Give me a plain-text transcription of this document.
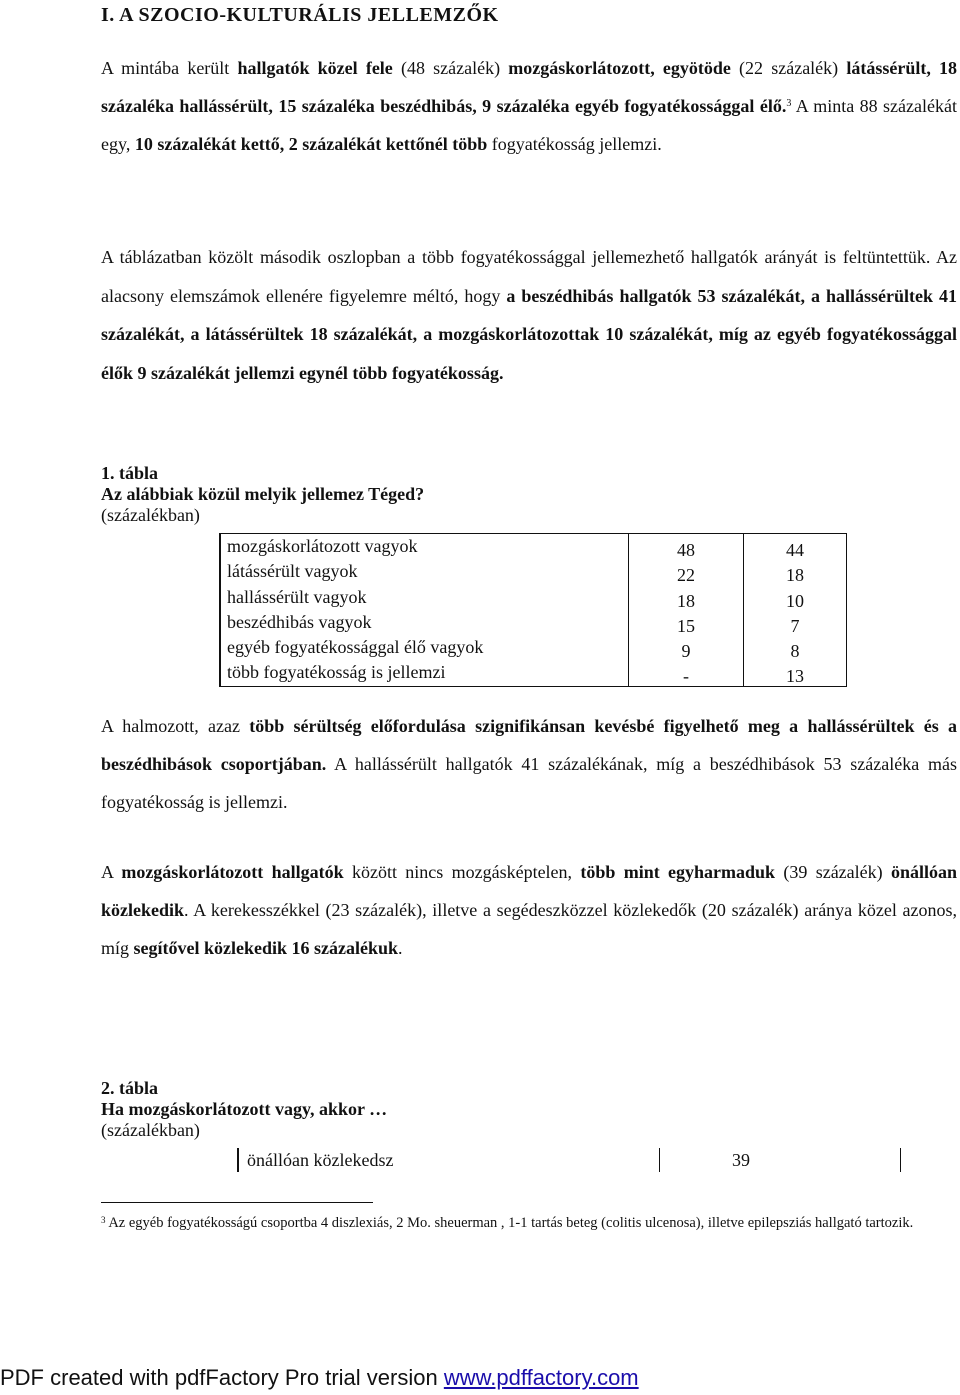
I. A SZOCIO-KULTURÁLIS JELLEMZŐK

A mintába került hallgatók közel fele (48 százalék) mozgáskorlátozott, egyötöde (22 százalék) látássérült, 18 százaléka hallássérült, 15 százaléka beszédhibás, 9 százaléka egyéb fogyatékossággal élő.$^3$ A minta 88 százalékát egy, 10 százalékát kettő, 2 százalékát kettőnél több fogyatékosság jellemzi.

A táblázatban közölt második oszlopban a több fogyatékossággal jellemezhető hallgatók arányát is feltüntettük. Az alacsony elemszámok ellenére figyelemre méltó, hogy a beszédhibás hallgatók 53 százalékát, a hallássérültek 41 százalékát, a látássérültek 18 százalékát, a mozgáskorlátozottak 10 százalékát, míg az egyéb fogyatékossággal élők 9 százalékát jellemzi egynél több fogyatékosság.

1. tábla
Az alábbiak közül melyik jellemez Téged?
(százalékban)
mozgáskorlátozott vagyok	48	44
látássérült vagyok	22	18
hallássérült vagyok	18	10
beszédhibás vagyok	15	7
egyéb fogyatékossággal élő vagyok	9	8
több fogyatékosság is jellemzi	-	13

A halmozott, azaz több sérültség előfordulása szignifikánsan kevésbé figyelhető meg a hallássérültek és a beszédhibások csoportjában. A hallássérült hallgatók 41 százalékának, míg a beszédhibások 53 százaléka más fogyatékosság is jellemzi.

A mozgáskorlátozott hallgatók között nincs mozgásképtelen, több mint egyharmaduk (39 százalék) önállóan közlekedik. A kerekesszékkel (23 százalék), illetve a segédeszközzel közlekedők (20 százalék) aránya közel azonos, míg segítővel közlekedik 16 százalékuk.

2. tábla
Ha mozgáskorlátozott vagy, akkor …
(százalékban)
önállóan közlekedsz	39

$^3$ Az egyéb fogyatékosságú csoportba 4 diszlexiás, 2 Mo. sheuerman , 1-1 tartás beteg (colitis ulcenosa), illetve epilepsziás hallgató tartozik.

PDF created with pdfFactory Pro trial version www.pdffactory.com
